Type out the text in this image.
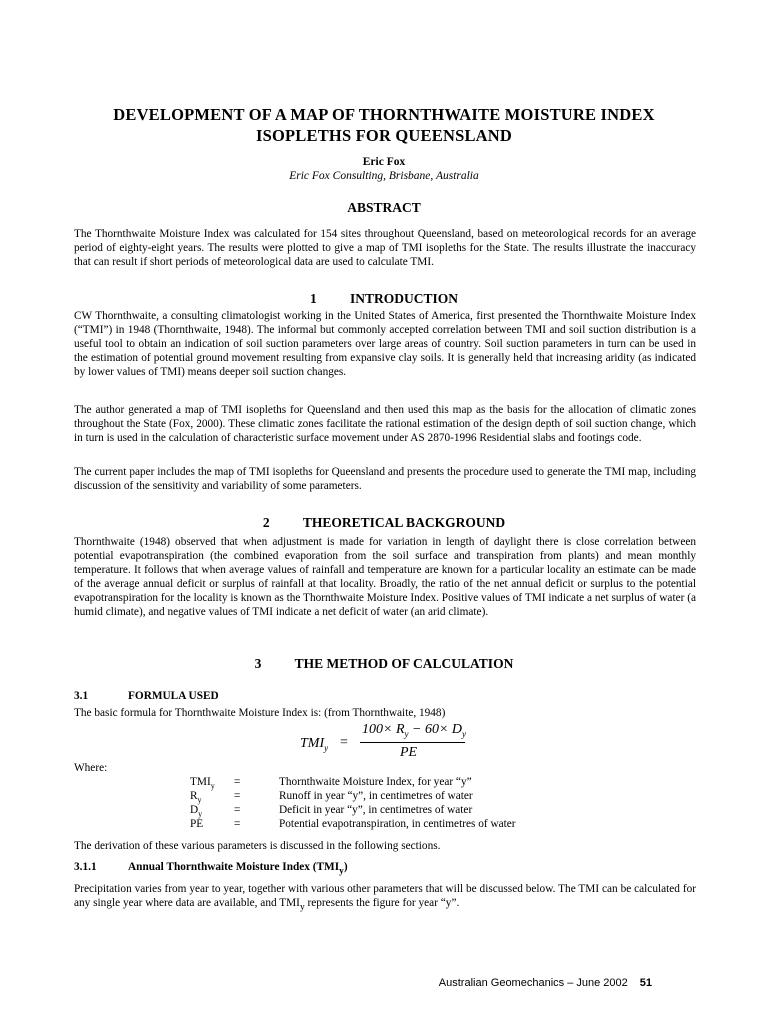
DEVELOPMENT OF A MAP OF THORNTHWAITE MOISTURE INDEX
ISOPLETHS FOR QUEENSLAND
Eric Fox
Eric Fox Consulting, Brisbane, Australia
ABSTRACT
The Thornthwaite Moisture Index was calculated for 154 sites throughout Queensland, based on meteorological records for an average period of eighty-eight years. The results were plotted to give a map of TMI isopleths for the State. The results illustrate the inaccuracy that can result if short periods of meteorological data are used to calculate TMI.
1 INTRODUCTION
CW Thornthwaite, a consulting climatologist working in the United States of America, first presented the Thornthwaite Moisture Index (“TMI”) in 1948 (Thornthwaite, 1948). The informal but commonly accepted correlation between TMI and soil suction distribution is a useful tool to obtain an indication of soil suction parameters over large areas of country. Soil suction parameters in turn can be used in the estimation of potential ground movement resulting from expansive clay soils. It is generally held that increasing aridity (as indicated by lower values of TMI) means deeper soil suction changes.
The author generated a map of TMI isopleths for Queensland and then used this map as the basis for the allocation of climatic zones throughout the State (Fox, 2000). These climatic zones facilitate the rational estimation of the design depth of soil suction change, which in turn is used in the calculation of characteristic surface movement under AS 2870-1996 Residential slabs and footings code.
The current paper includes the map of TMI isopleths for Queensland and presents the procedure used to generate the TMI map, including discussion of the sensitivity and variability of some parameters.
2 THEORETICAL BACKGROUND
Thornthwaite (1948) observed that when adjustment is made for variation in length of daylight there is close correlation between potential evapotranspiration (the combined evaporation from the soil surface and transpiration from plants) and mean monthly temperature. It follows that when average values of rainfall and temperature are known for a particular locality an estimate can be made of the average annual deficit or surplus of rainfall at that locality. Broadly, the ratio of the net annual deficit or surplus to the potential evapotranspiration for the locality is known as the Thornthwaite Moisture Index. Positive values of TMI indicate a net surplus of water (a humid climate), and negative values of TMI indicate a net deficit of water (an arid climate).
3 THE METHOD OF CALCULATION
3.1	FORMULA USED
The basic formula for Thornthwaite Moisture Index is: (from Thornthwaite, 1948)
$TMI_y$ =
$100\times R_y - 60\times D_y$
PE
Where:
$TMI_y$ =	Thornthwaite Moisture Index, for year “y”
$R_y$	=	Runoff in year “y”, in centimetres of water
$D_y$	=	Deficit in year “y”, in centimetres of water
PE	=	Potential evapotranspiration, in centimetres of water
The derivation of these various parameters is discussed in the following sections.
3.1.1	Annual Thornthwaite Moisture Index $(TMI_y)$
Precipitation varies from year to year, together with various other parameters that will be discussed below. The TMI can be calculated for any single year where data are available, and $TMI_y$ represents the figure for year “y”.
Australian Geomechanics – June 2002 51
